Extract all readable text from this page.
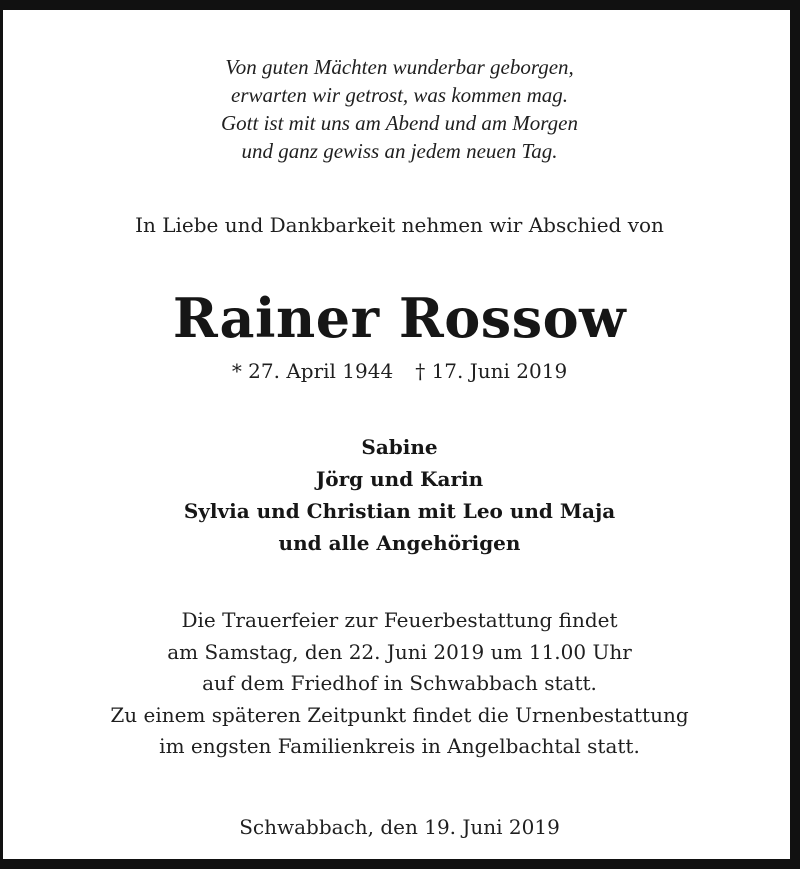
Von guten Mächten wunderbar geborgen,
erwarten wir getrost, was kommen mag.
Gott ist mit uns am Abend und am Morgen
und ganz gewiss an jedem neuen Tag.
In Liebe und Dankbarkeit nehmen wir Abschied von
Rainer Rossow
* 27. April 1944 † 17. Juni 2019
Sabine
Jörg und Karin
Sylvia und Christian mit Leo und Maja
und alle Angehörigen
Die Trauerfeier zur Feuerbestattung findet
am Samstag, den 22. Juni 2019 um 11.00 Uhr
auf dem Friedhof in Schwabbach statt.
Zu einem späteren Zeitpunkt findet die Urnenbestattung
im engsten Familienkreis in Angelbachtal statt.
Schwabbach, den 19. Juni 2019
